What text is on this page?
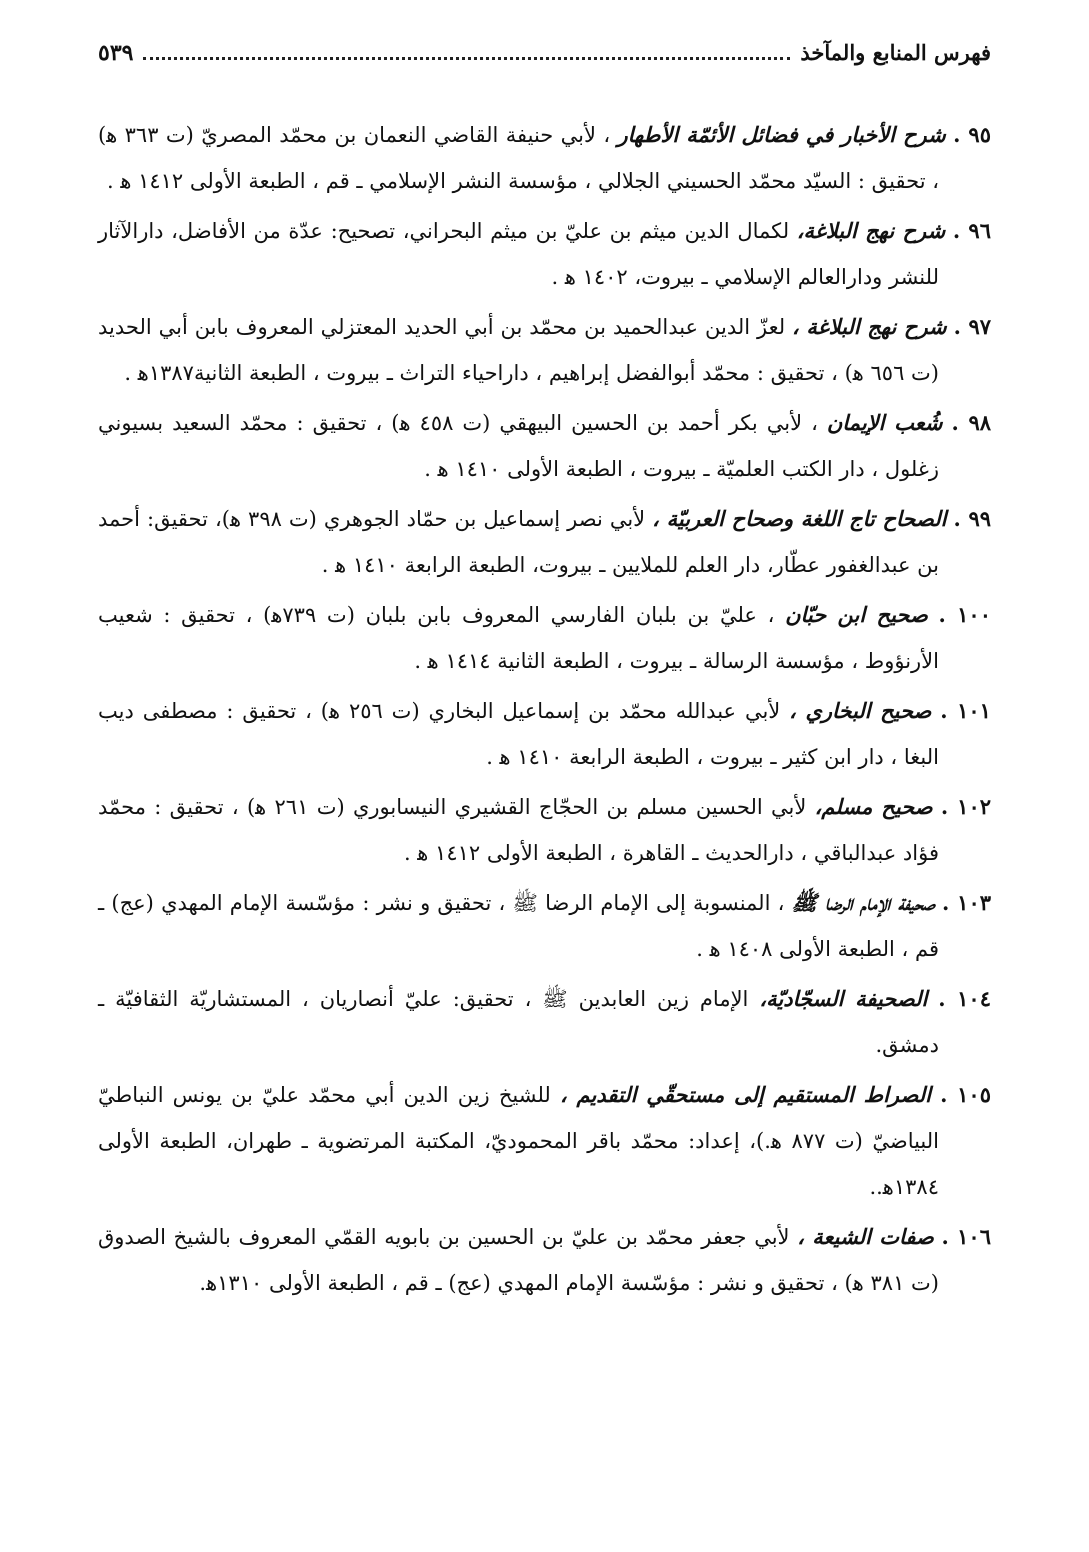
فهرس المنابع والمآخذ
٥٣٩
٩٥ . شرح الأخبار في فضائل الأئمّة الأطهار ، لأبي حنيفة القاضي النعمان بن محمّد المصريّ (ت ٣٦٣ ﻫ) ، تحقيق : السيّد محمّد الحسيني الجلالي ، مؤسسة النشر الإسلامي ـ قم ، الطبعة الأولى ١٤١٢ ﻫ .
٩٦ . شرح نهج البلاغة، لكمال الدين ميثم بن عليّ بن ميثم البحراني، تصحيح: عدّة من الأفاضل، دارالآثار للنشر ودارالعالم الإسلامي ـ بيروت، ١٤٠٢ ﻫ .
٩٧ . شرح نهج البلاغة ، لعزّ الدين عبدالحميد بن محمّد بن أبي الحديد المعتزلي المعروف بابن أبي الحديد (ت ٦٥٦ ﻫ) ، تحقيق : محمّد أبوالفضل إبراهيم ، داراحياء التراث ـ بيروت ، الطبعة الثانية١٣٨٧ﻫ .
٩٨ . شُعب الإيمان ، لأبي بكر أحمد بن الحسين البيهقي (ت ٤٥٨ ﻫ) ، تحقيق : محمّد السعيد بسيوني زغلول ، دار الكتب العلميّة ـ بيروت ، الطبعة الأولى ١٤١٠ ﻫ .
٩٩ . الصحاح تاج اللغة وصحاح العربيّة ، لأبي نصر إسماعيل بن حمّاد الجوهري (ت ٣٩٨ ﻫ)، تحقيق: أحمد بن عبدالغفور عطّار، دار العلم للملايين ـ بيروت، الطبعة الرابعة ١٤١٠ ﻫ .
١٠٠ . صحيح ابن حبّان ، عليّ بن بلبان الفارسي المعروف بابن بلبان (ت ٧٣٩ﻫ) ، تحقيق : شعيب الأرنؤوط ، مؤسسة الرسالة ـ بيروت ، الطبعة الثانية ١٤١٤ ﻫ .
١٠١ . صحيح البخاري ، لأبي عبدالله محمّد بن إسماعيل البخاري (ت ٢٥٦ ﻫ) ، تحقيق : مصطفى ديب البغا ، دار ابن كثير ـ بيروت ، الطبعة الرابعة ١٤١٠ ﻫ .
١٠٢ . صحيح مسلم، لأبي الحسين مسلم بن الحجّاج القشيري النيسابوري (ت ٢٦١ ﻫ) ، تحقيق : محمّد فؤاد عبدالباقي ، دارالحديث ـ القاهرة ، الطبعة الأولى ١٤١٢ ﻫ .
١٠٣ . صحيفة الإمام الرضا ﷺ ، المنسوبة إلى الإمام الرضا ﷺ ، تحقيق و نشر : مؤسّسة الإمام المهدي (عج) ـ قم ، الطبعة الأولى ١٤٠٨ ﻫ .
١٠٤ . الصحيفة السجّاديّة، الإمام زين العابدين ﷺ ، تحقيق: عليّ أنصاريان ، المستشاريّة الثقافيّة ـ دمشق.
١٠٥ . الصراط المستقيم إلى مستحقّي التقديم ، للشيخ زين الدين أبي محمّد عليّ بن يونس النباطيّ البياضيّ (ت ٨٧٧ ﻫ.)، إعداد: محمّد باقر المحموديّ، المكتبة المرتضوية ـ طهران، الطبعة الأولى ١٣٨٤ﻫ..
١٠٦ . صفات الشيعة ، لأبي جعفر محمّد بن عليّ بن الحسين بن بابويه القمّي المعروف بالشيخ الصدوق (ت ٣٨١ ﻫ) ، تحقيق و نشر : مؤسّسة الإمام المهدي (عج) ـ قم ، الطبعة الأولى ١٣١٠ﻫ.
